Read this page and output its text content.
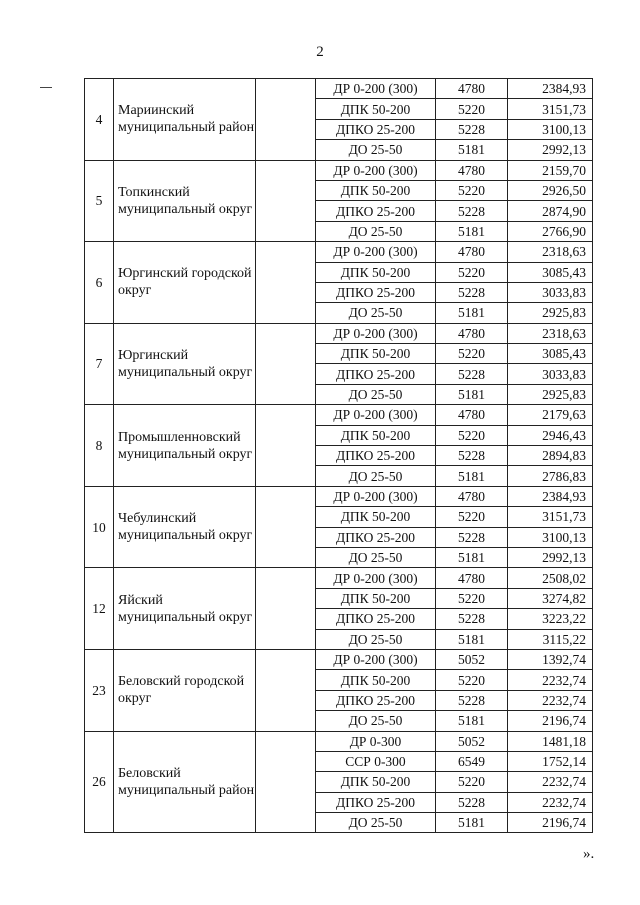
2
4	Мариинский муниципальный район		ДР 0-200 (300)	4780	2384,93
			ДПК 50-200	5220	3151,73
			ДПКО 25-200	5228	3100,13
			ДО 25-50	5181	2992,13
5	Топкинский муниципальный округ		ДР 0-200 (300)	4780	2159,70
			ДПК 50-200	5220	2926,50
			ДПКО 25-200	5228	2874,90
			ДО 25-50	5181	2766,90
6	Юргинский городской округ		ДР 0-200 (300)	4780	2318,63
			ДПК 50-200	5220	3085,43
			ДПКО 25-200	5228	3033,83
			ДО 25-50	5181	2925,83
7	Юргинский муниципальный округ		ДР 0-200 (300)	4780	2318,63
			ДПК 50-200	5220	3085,43
			ДПКО 25-200	5228	3033,83
			ДО 25-50	5181	2925,83
8	Промышленновский муниципальный округ		ДР 0-200 (300)	4780	2179,63
			ДПК 50-200	5220	2946,43
			ДПКО 25-200	5228	2894,83
			ДО 25-50	5181	2786,83
10	Чебулинский муниципальный округ		ДР 0-200 (300)	4780	2384,93
			ДПК 50-200	5220	3151,73
			ДПКО 25-200	5228	3100,13
			ДО 25-50	5181	2992,13
12	Яйский муниципальный округ		ДР 0-200 (300)	4780	2508,02
			ДПК 50-200	5220	3274,82
			ДПКО 25-200	5228	3223,22
			ДО 25-50	5181	3115,22
23	Беловский городской округ		ДР 0-200 (300)	5052	1392,74
			ДПК 50-200	5220	2232,74
			ДПКО 25-200	5228	2232,74
			ДО 25-50	5181	2196,74
26	Беловский муниципальный район		ДР 0-300	5052	1481,18
			ССР 0-300	6549	1752,14
			ДПК 50-200	5220	2232,74
			ДПКО 25-200	5228	2232,74
			ДО 25-50	5181	2196,74
».
